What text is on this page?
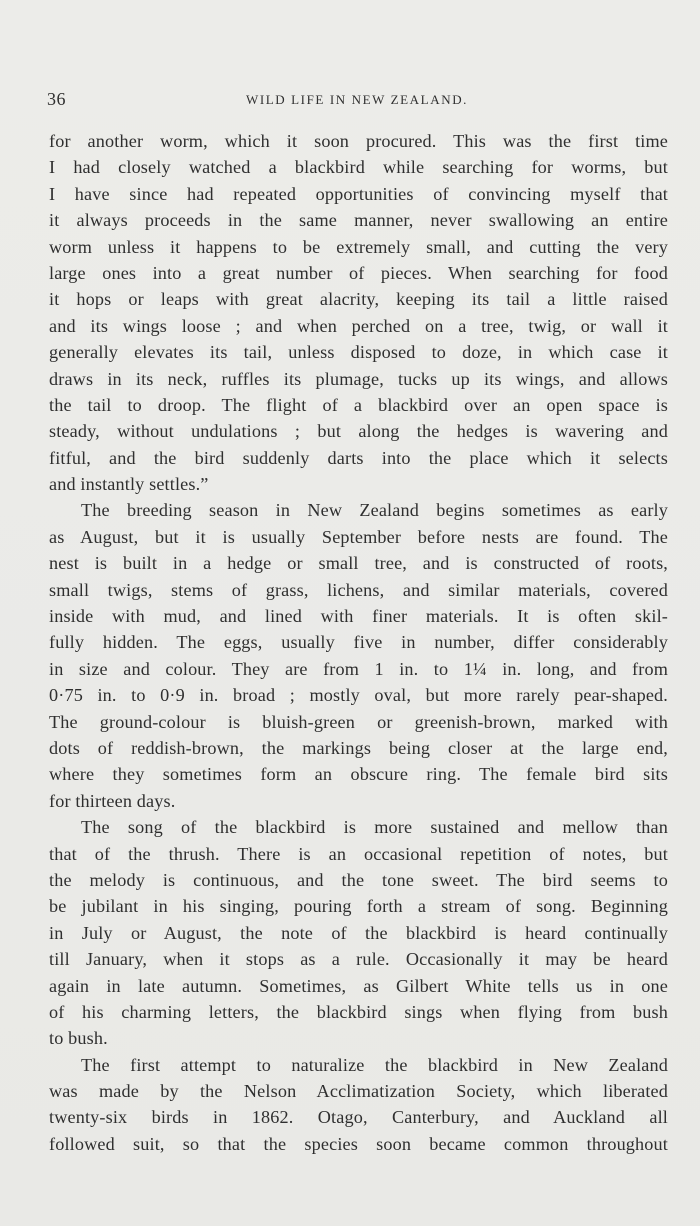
36	WILD LIFE IN NEW ZEALAND.
for another worm, which it soon procured. This was the first time
I had closely watched a blackbird while searching for worms, but
I have since had repeated opportunities of convincing myself that
it always proceeds in the same manner, never swallowing an entire
worm unless it happens to be extremely small, and cutting the very
large ones into a great number of pieces. When searching for food
it hops or leaps with great alacrity, keeping its tail a little raised
and its wings loose ; and when perched on a tree, twig, or wall it
generally elevates its tail, unless disposed to doze, in which case it
draws in its neck, ruffles its plumage, tucks up its wings, and allows
the tail to droop. The flight of a blackbird over an open space is
steady, without undulations ; but along the hedges is wavering and
fitful, and the bird suddenly darts into the place which it selects
and instantly settles.”
The breeding season in New Zealand begins sometimes as early
as August, but it is usually September before nests are found. The
nest is built in a hedge or small tree, and is constructed of roots,
small twigs, stems of grass, lichens, and similar materials, covered
inside with mud, and lined with finer materials. It is often skil-
fully hidden. The eggs, usually five in number, differ considerably
in size and colour. They are from 1 in. to 1¼ in. long, and from
0·75 in. to 0·9 in. broad ; mostly oval, but more rarely pear-shaped.
The ground-colour is bluish-green or greenish-brown, marked with
dots of reddish-brown, the markings being closer at the large end,
where they sometimes form an obscure ring. The female bird sits
for thirteen days.
The song of the blackbird is more sustained and mellow than
that of the thrush. There is an occasional repetition of notes, but
the melody is continuous, and the tone sweet. The bird seems to
be jubilant in his singing, pouring forth a stream of song. Beginning
in July or August, the note of the blackbird is heard continually
till January, when it stops as a rule. Occasionally it may be heard
again in late autumn. Sometimes, as Gilbert White tells us in one
of his charming letters, the blackbird sings when flying from bush
to bush.
The first attempt to naturalize the blackbird in New Zealand
was made by the Nelson Acclimatization Society, which liberated
twenty-six birds in 1862. Otago, Canterbury, and Auckland all
followed suit, so that the species soon became common throughout
